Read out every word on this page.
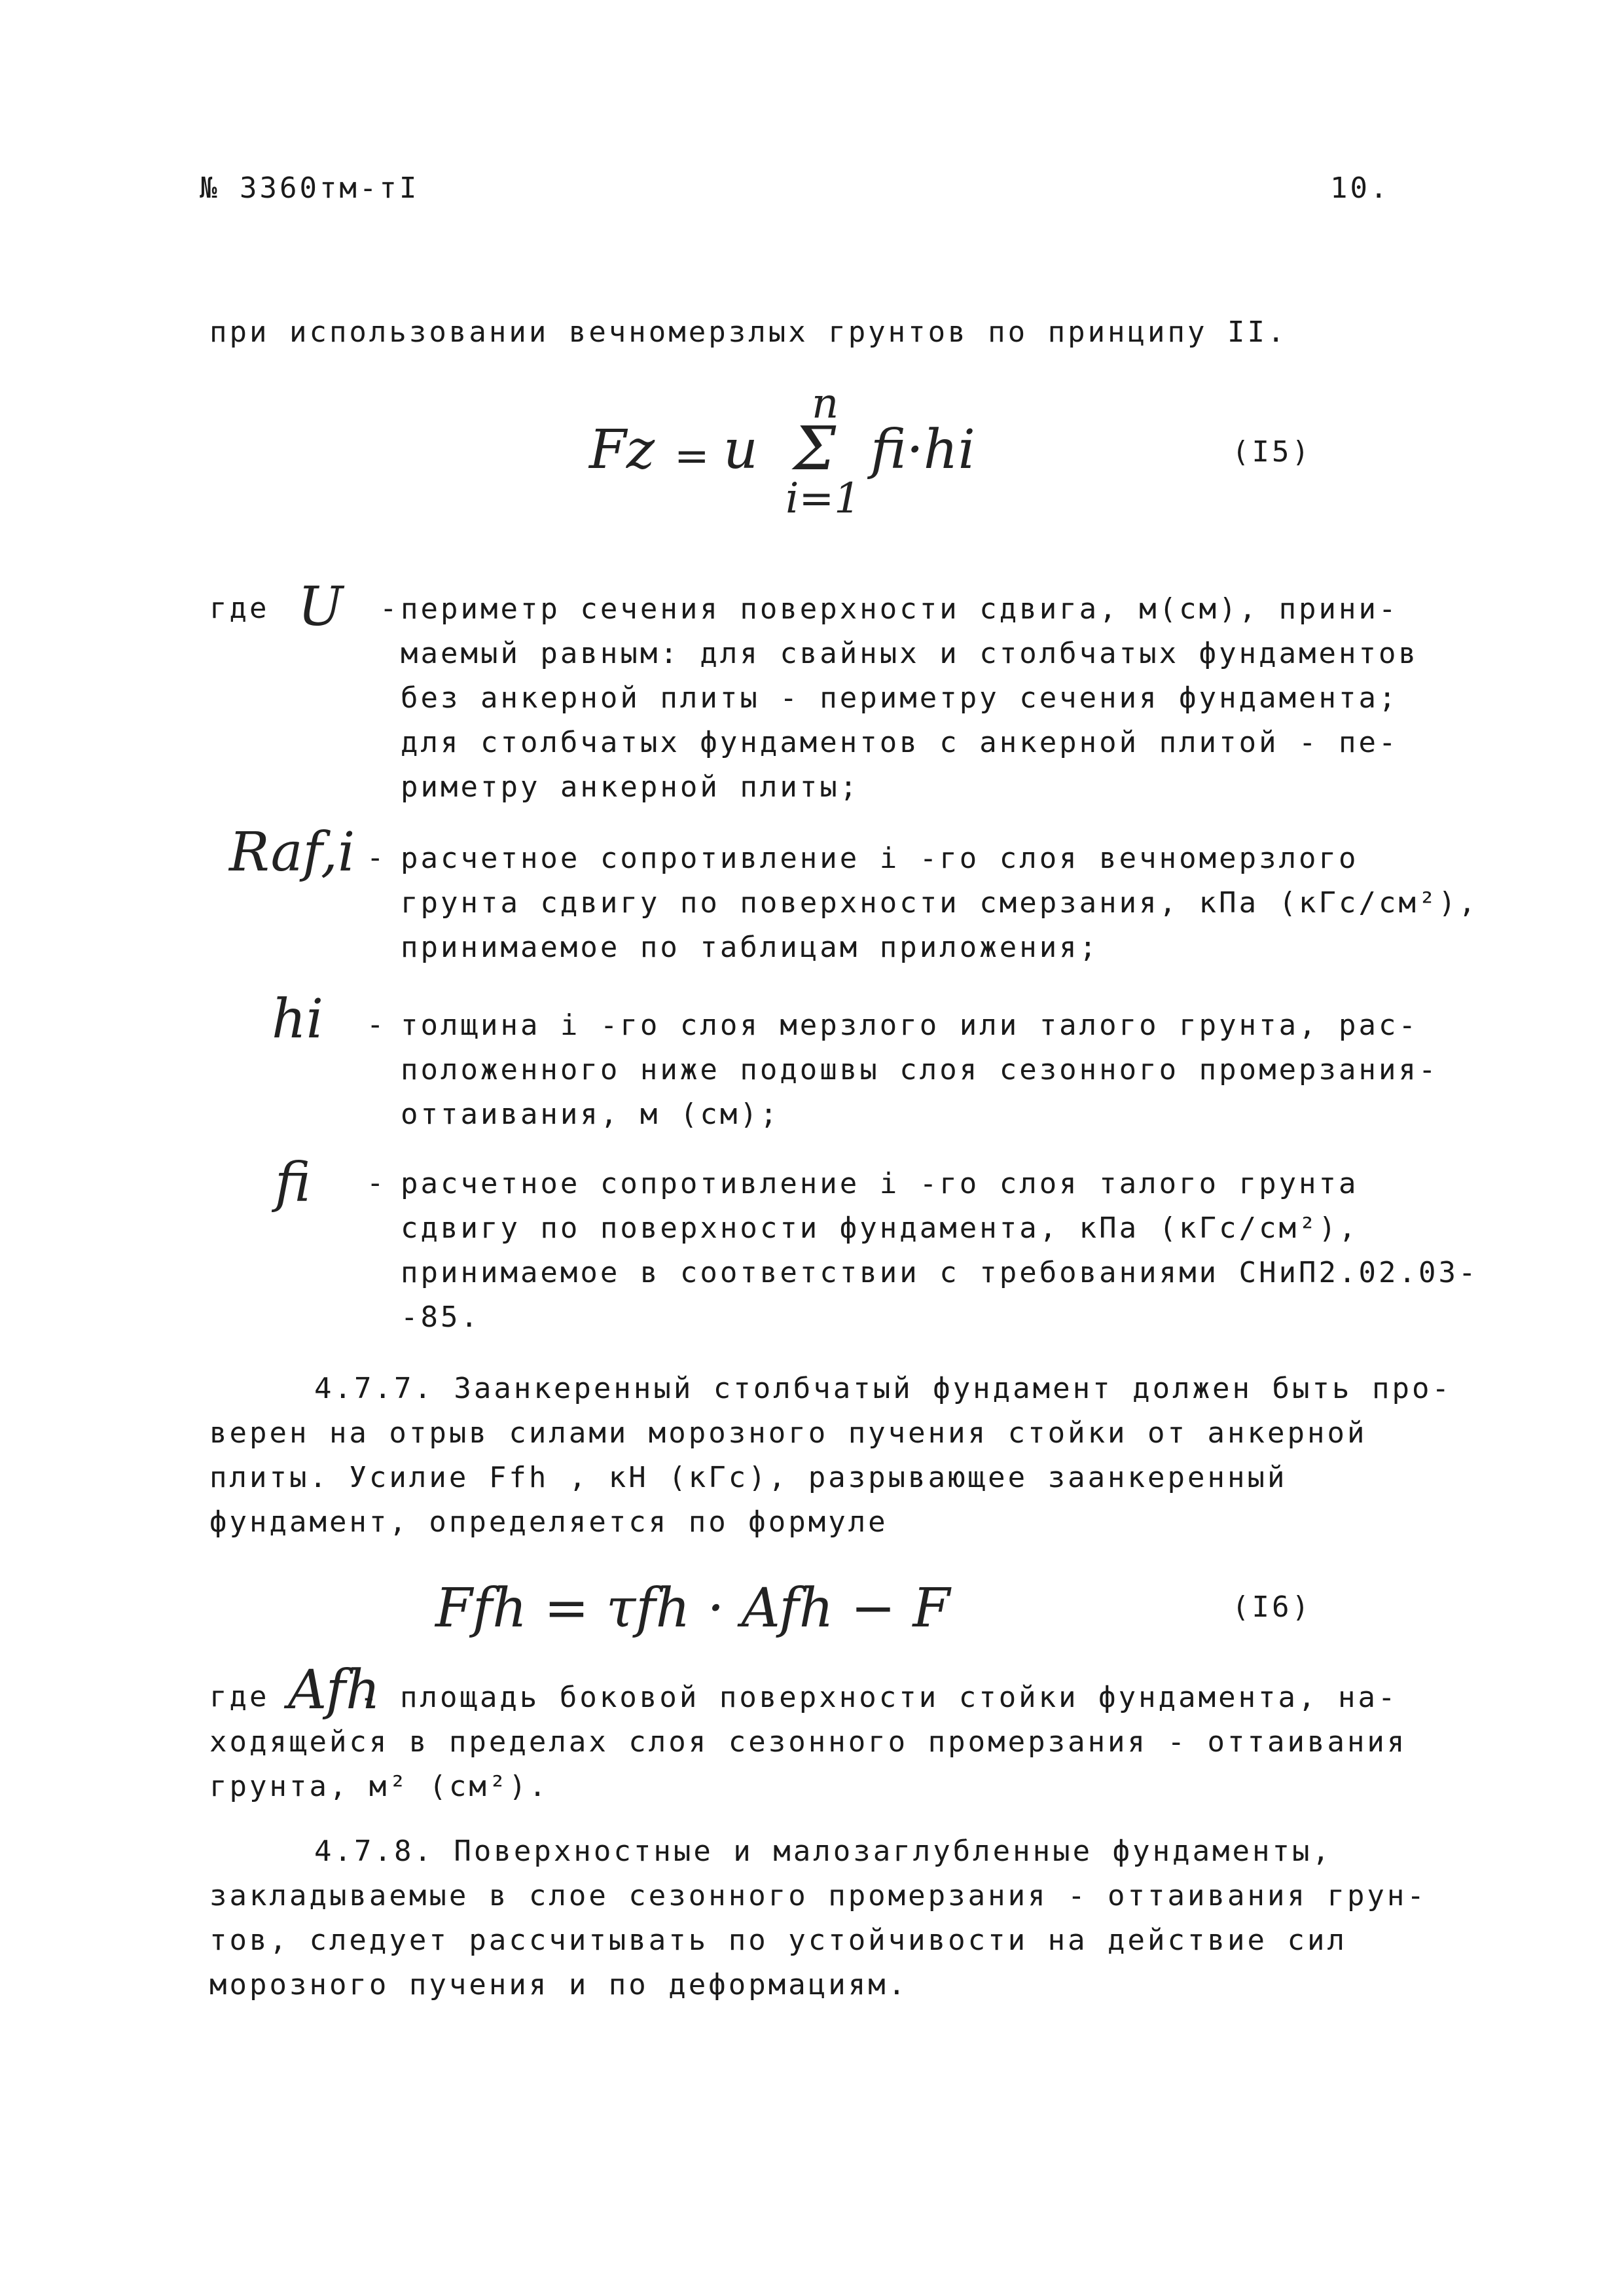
№ 3360тм-тI	10.
при использовании вечномерзлых грунтов по принципу II.
Fz = u
n
Σ
i=1
fi·hi	(I5)
где U - периметр сечения поверхности сдвига, м(см), прини-
маемый равным: для свайных и столбчатых фундаментов
без анкерной плиты - периметру сечения фундамента;
для столбчатых фундаментов с анкерной плитой - пе-
риметру анкерной плиты;
Raf,i - расчетное сопротивление i -го слоя вечномерзлого
грунта сдвигу по поверхности смерзания, кПа (кГс/см²),
принимаемое по таблицам приложения;
hi - толщина i -го слоя мерзлого или талого грунта, рас-
положенного ниже подошвы слоя сезонного промерзания-
оттаивания, м (см);
fi - расчетное сопротивление i -го слоя талого грунта
сдвигу по поверхности фундамента, кПа (кГс/см²),
принимаемое в соответствии с требованиями СНиП2.02.03-
-85.
4.7.7. Заанкеренный столбчатый фундамент должен быть про-
верен на отрыв силами морозного пучения стойки от анкерной
плиты. Усилие Ffh , кН (кГс), разрывающее заанкеренный
фундамент, определяется по формуле
Ffh = τfh · Afh − F	(I6)
где Afh
- площадь боковой поверхности стойки фундамента, на-
ходящейся в пределах слоя сезонного промерзания - оттаивания
грунта, м² (см²).
4.7.8. Поверхностные и малозаглубленные фундаменты,
закладываемые в слое сезонного промерзания - оттаивания грун-
тов, следует рассчитывать по устойчивости на действие сил
морозного пучения и по деформациям.
